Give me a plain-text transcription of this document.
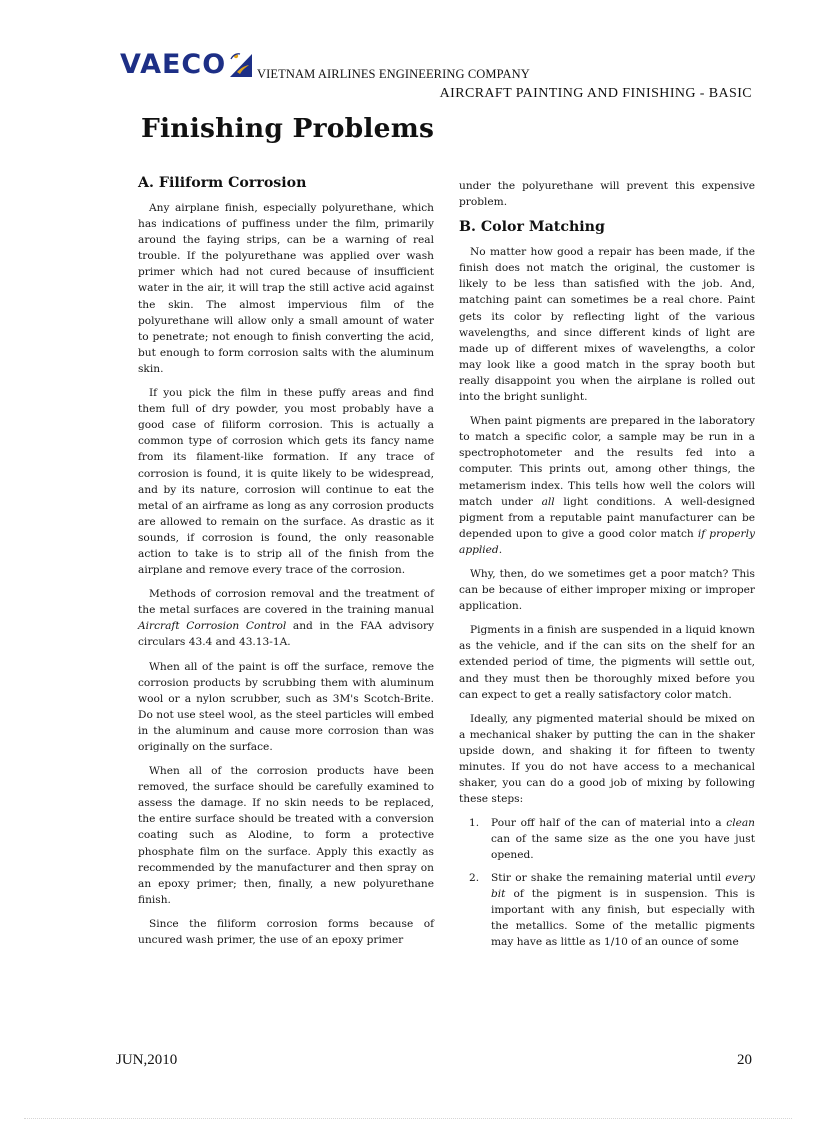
VAECO VIETNAM AIRLINES ENGINEERING COMPANY
AIRCRAFT PAINTING AND FINISHING - BASIC
Finishing Problems
A. Filiform Corrosion

Any airplane finish, especially polyurethane, which has indications of puffiness under the film, primarily around the faying strips, can be a warning of real trouble. If the polyurethane was applied over wash primer which had not cured because of insufficient water in the air, it will trap the still active acid against the skin. The almost impervious film of the polyurethane will allow only a small amount of water to penetrate; not enough to finish converting the acid, but enough to form corrosion salts with the aluminum skin.

If you pick the film in these puffy areas and find them full of dry powder, you most probably have a good case of filiform corrosion. This is actually a common type of corrosion which gets its fancy name from its filament-like formation. If any trace of corrosion is found, it is quite likely to be widespread, and by its nature, corrosion will continue to eat the metal of an airframe as long as any corrosion products are allowed to remain on the surface. As drastic as it sounds, if corrosion is found, the only reasonable action to take is to strip all of the finish from the airplane and remove every trace of the corrosion.

Methods of corrosion removal and the treatment of the metal surfaces are covered in the training manual Aircraft Corrosion Control and in the FAA advisory circulars 43.4 and 43.13-1A.

When all of the paint is off the surface, remove the corrosion products by scrubbing them with aluminum wool or a nylon scrubber, such as 3M's Scotch-Brite. Do not use steel wool, as the steel particles will embed in the aluminum and cause more corrosion than was originally on the surface.

When all of the corrosion products have been removed, the surface should be carefully examined to assess the damage. If no skin needs to be replaced, the entire surface should be treated with a conversion coating such as Alodine, to form a protective phosphate film on the surface. Apply this exactly as recommended by the manufacturer and then spray on an epoxy primer; then, finally, a new polyurethane finish.

Since the filiform corrosion forms because of uncured wash primer, the use of an epoxy primer

under the polyurethane will prevent this expensive problem.

B. Color Matching

No matter how good a repair has been made, if the finish does not match the original, the customer is likely to be less than satisfied with the job. And, matching paint can sometimes be a real chore. Paint gets its color by reflecting light of the various wavelengths, and since different kinds of light are made up of different mixes of wavelengths, a color may look like a good match in the spray booth but really disappoint you when the airplane is rolled out into the bright sunlight.

When paint pigments are prepared in the laboratory to match a specific color, a sample may be run in a spectrophotometer and the results fed into a computer. This prints out, among other things, the metamerism index. This tells how well the colors will match under all light conditions. A well-designed pigment from a reputable paint manufacturer can be depended upon to give a good color match if properly applied.

Why, then, do we sometimes get a poor match? This can be because of either improper mixing or improper application.

Pigments in a finish are suspended in a liquid known as the vehicle, and if the can sits on the shelf for an extended period of time, the pigments will settle out, and they must then be thoroughly mixed before you can expect to get a really satisfactory color match.

Ideally, any pigmented material should be mixed on a mechanical shaker by putting the can in the shaker upside down, and shaking it for fifteen to twenty minutes. If you do not have access to a mechanical shaker, you can do a good job of mixing by following these steps:

1.	Pour off half of the can of material into a clean can of the same size as the one you have just opened.
2.	Stir or shake the remaining material until every bit of the pigment is in suspension. This is important with any finish, but especially with the metallics. Some of the metallic pigments may have as little as 1/10 of an ounce of some
JUN,2010	20
